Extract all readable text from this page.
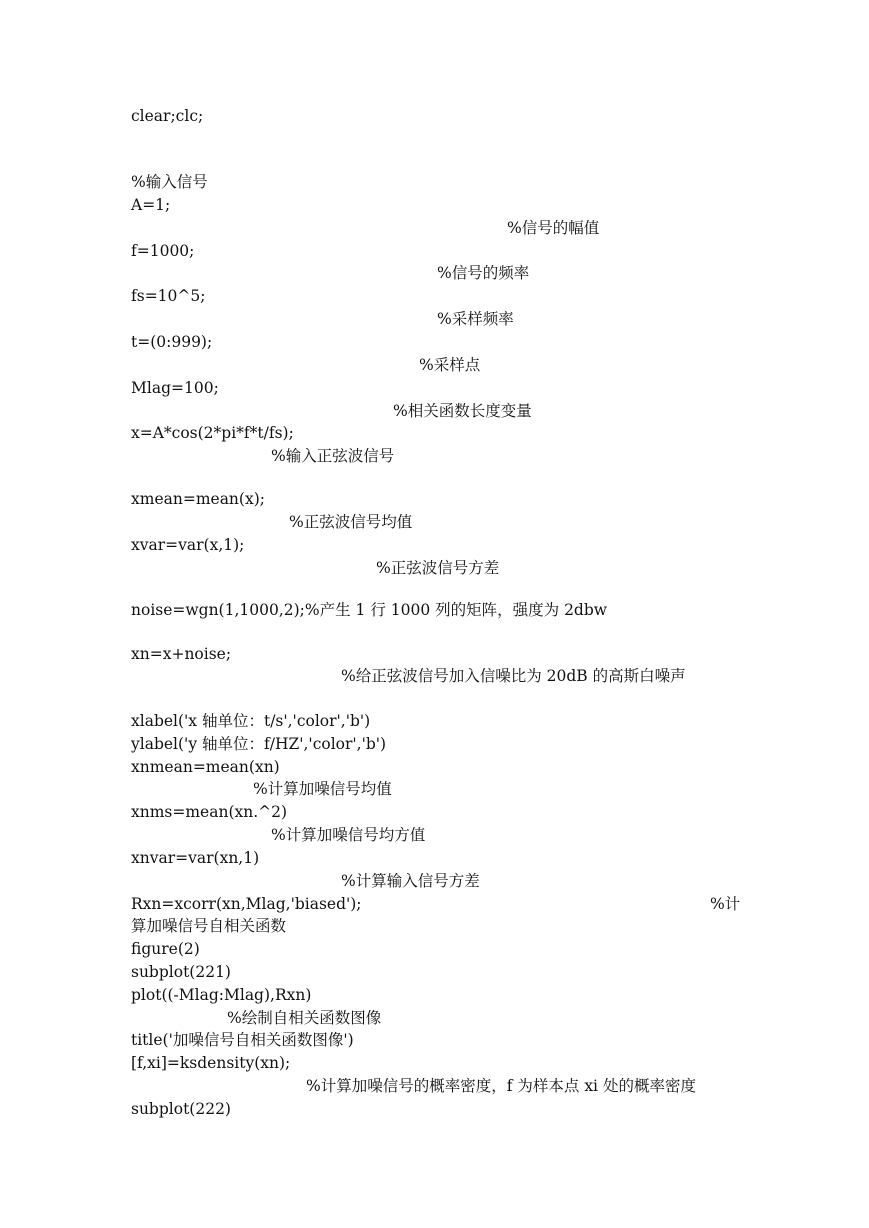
clear;clc;

%输入信号

A=1;

%信号的幅值

f=1000;

%信号的频率

fs=10^5;

%采样频率

t=(0:999);

%采样点

Mlag=100;

%相关函数长度变量

x=A*cos(2*pi*f*t/fs);

%输入正弦波信号

xmean=mean(x);

%正弦波信号均值

xvar=var(x,1);

%正弦波信号方差

noise=wgn(1,1000,2);%产生 1 行 1000 列的矩阵，强度为 2dbw

xn=x+noise;

%给正弦波信号加入信噪比为 20dB 的高斯白噪声

xlabel('x 轴单位：t/s','color','b')

ylabel('y 轴单位：f/HZ','color','b')

xnmean=mean(xn)

%计算加噪信号均值

xnms=mean(xn.^2)

%计算加噪信号均方值

xnvar=var(xn,1)

%计算输入信号方差

Rxn=xcorr(xn,Mlag,'biased');	%计

算加噪信号自相关函数

figure(2)

subplot(221)

plot((-Mlag:Mlag),Rxn)

%绘制自相关函数图像

title('加噪信号自相关函数图像')

[f,xi]=ksdensity(xn);

%计算加噪信号的概率密度，f 为样本点 xi 处的概率密度

subplot(222)
